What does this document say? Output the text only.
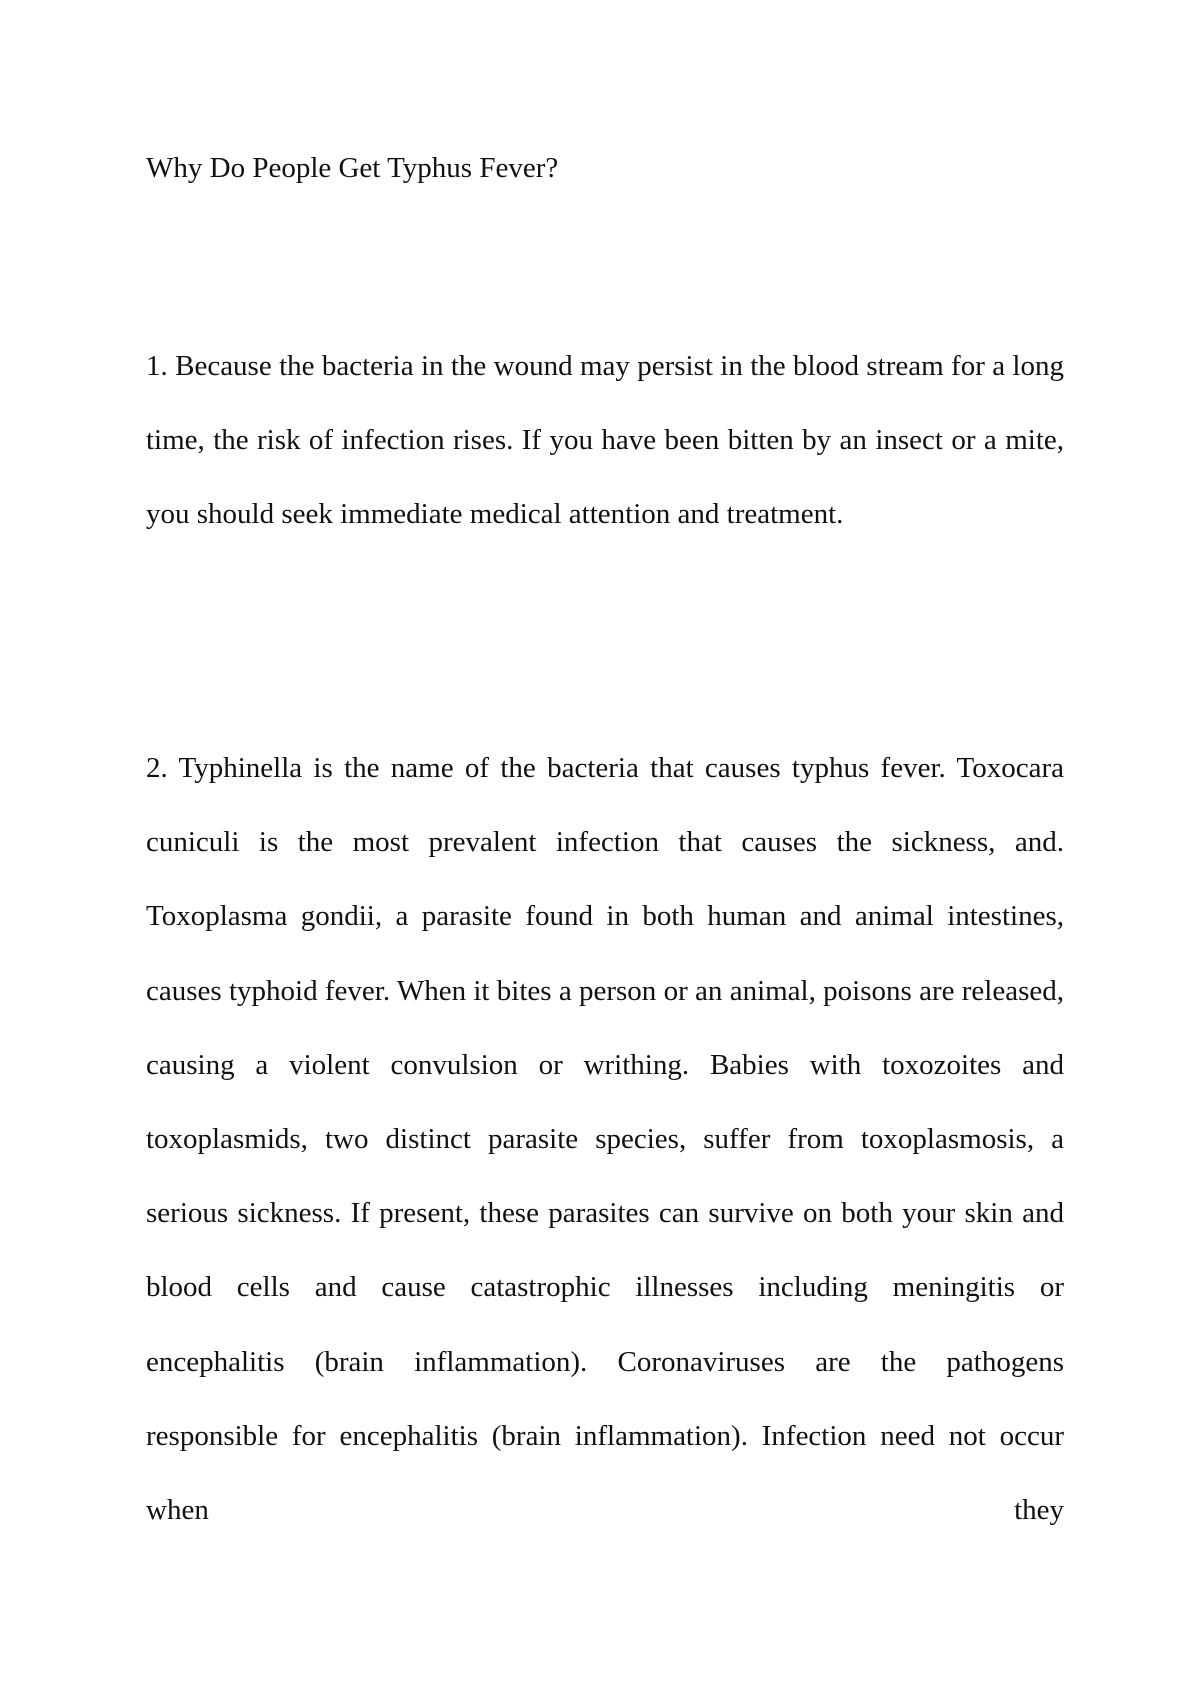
Why Do People Get Typhus Fever?

1. Because the bacteria in the wound may persist in the blood stream for a long time, the risk of infection rises. If you have been bitten by an insect or a mite, you should seek immediate medical attention and treatment.

2. Typhinella is the name of the bacteria that causes typhus fever. Toxocara cuniculi is the most prevalent infection that causes the sickness, and. Toxoplasma gondii, a parasite found in both human and animal intestines, causes typhoid fever. When it bites a person or an animal, poisons are released, causing a violent convulsion or writhing. Babies with toxozoites and toxoplasmids, two distinct parasite species, suffer from toxoplasmosis, a serious sickness. If present, these parasites can survive on both your skin and blood cells and cause catastrophic illnesses including meningitis or encephalitis (brain inflammation). Coronaviruses are the pathogens responsible for encephalitis (brain inflammation). Infection need not occur when they
